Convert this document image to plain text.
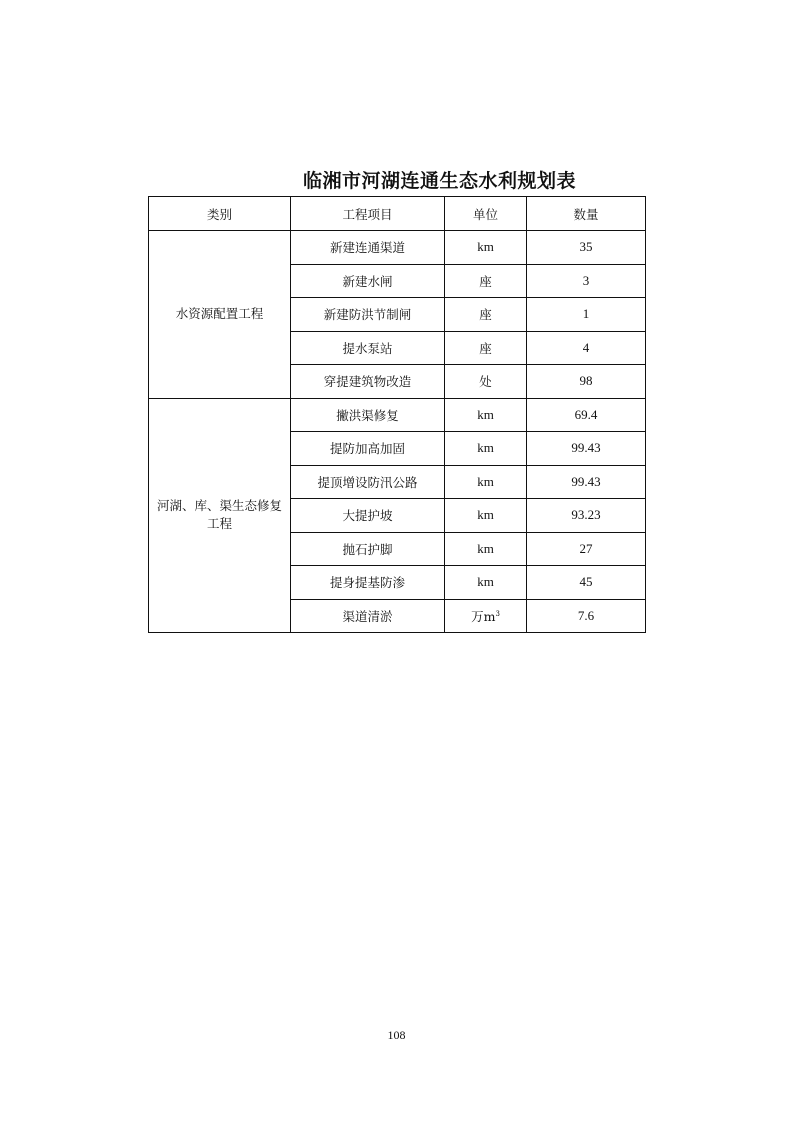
临湘市河湖连通生态水利规划表
类别	工程项目	单位	数量
水资源配置工程	新建连通渠道	km	35
	新建水闸	座	3
	新建防洪节制闸	座	1
	提水泵站	座	4
	穿提建筑物改造	处	98
河湖、库、渠生态修复工程	撇洪渠修复	km	69.4
	提防加高加固	km	99.43
	提顶增设防汛公路	km	99.43
	大提护坡	km	93.23
	抛石护脚	km	27
	提身提基防渗	km	45
	渠道清淤	万$m^3$	7.6
108
